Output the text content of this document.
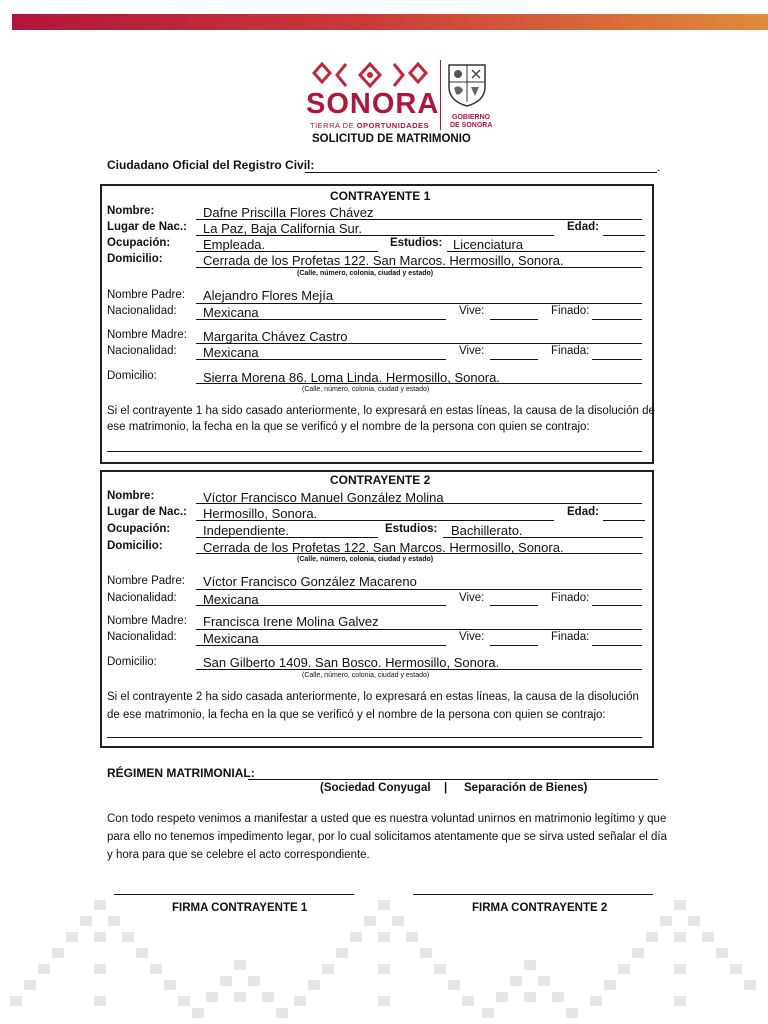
SONORA
TIERRA DE OPORTUNIDADES
GOBIERNO
DE SONORA
SOLICITUD DE MATRIMONIO
Ciudadano Oficial del Registro Civil:	.
CONTRAYENTE 1
Nombre:	Dafne Priscilla Flores Chávez
Lugar de Nac.: La Paz, Baja California Sur.	Edad:
Ocupación:	Empleada.	Estudios: Licenciatura
Domicilio:	Cerrada de los Profetas 122. San Marcos. Hermosillo, Sonora.
(Calle, número, colonia, ciudad y estado)
Nombre Padre: Alejandro Flores Mejía
Nacionalidad: Mexicana	Vive:	Finado:
Nombre Madre: Margarita Chávez Castro
Nacionalidad: Mexicana	Vive:	Finada:
Domicilio:	Sierra Morena 86. Loma Linda. Hermosillo, Sonora.
(Calle, número, colonia, ciudad y estado)
Si el contrayente 1 ha sido casado anteriormente, lo expresará en estas líneas, la causa de la disolución de
ese matrimonio, la fecha en la que se verificó y el nombre de la persona con quien se contrajo:
CONTRAYENTE 2
Nombre:	Víctor Francisco Manuel González Molina
Lugar de Nac.: Hermosillo, Sonora.	Edad:
Ocupación:	Independiente.	Estudios: Bachillerato.
Domicilio:	Cerrada de los Profetas 122. San Marcos. Hermosillo, Sonora.
(Calle, número, colonia, ciudad y estado)
Nombre Padre: Víctor Francisco González Macareno
Nacionalidad: Mexicana	Vive:	Finado:
Nombre Madre: Francisca Irene Molina Galvez
Nacionalidad: Mexicana	Vive:	Finada:
Domicilio:	San Gilberto 1409. San Bosco. Hermosillo, Sonora.
(Calle, número, colonia, ciudad y estado)
Si el contrayente 2 ha sido casada anteriormente, lo expresará en estas líneas, la causa de la disolución
de ese matrimonio, la fecha en la que se verificó y el nombre de la persona con quien se contrajo:
RÉGIMEN MATRIMONIAL:
(Sociedad Conyugal | Separación de Bienes)
Con todo respeto venimos a manifestar a usted que es nuestra voluntad unirnos en matrimonio legítimo y que
para ello no tenemos impedimento legar, por lo cual solicitamos atentamente que se sirva usted señalar el día
y hora para que se celebre el acto correspondiente.
FIRMA CONTRAYENTE 1	FIRMA CONTRAYENTE 2
